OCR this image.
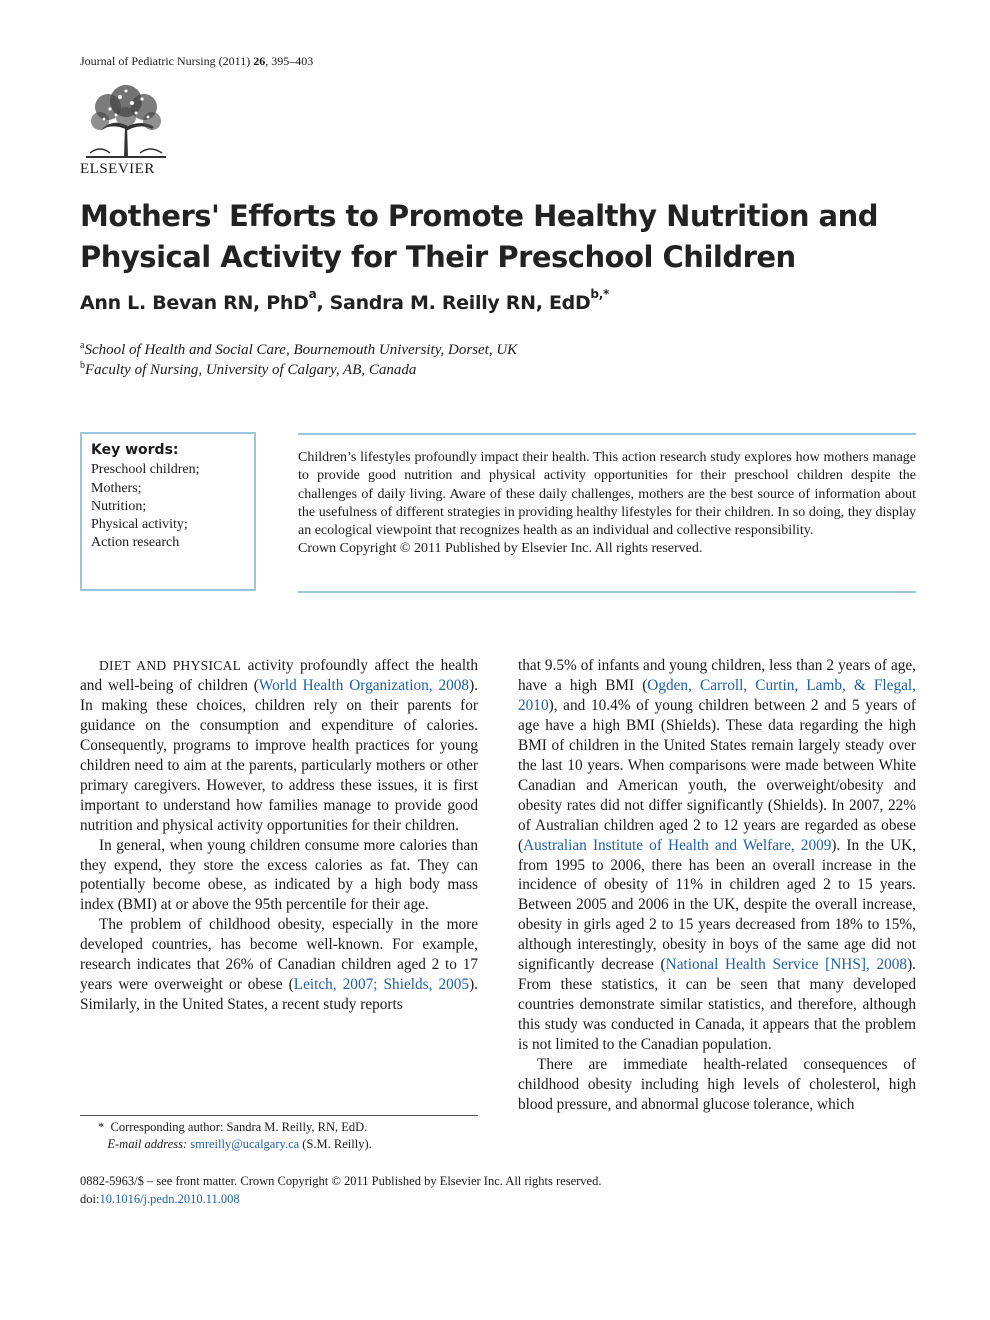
Journal of Pediatric Nursing (2011) 26, 395–403
ELSEVIER
Mothers' Efforts to Promote Healthy Nutrition and Physical Activity for Their Preschool Children
Ann L. Bevan RN, PhD$^a$, Sandra M. Reilly RN, EdD$^{b,*}$
$^a$School of Health and Social Care, Bournemouth University, Dorset, UK
$^b$Faculty of Nursing, University of Calgary, AB, Canada
Key words:
Preschool children;
Mothers;
Nutrition;
Physical activity;
Action research
Children’s lifestyles profoundly impact their health. This action research study explores how mothers manage to provide good nutrition and physical activity opportunities for their preschool children despite the challenges of daily living. Aware of these daily challenges, mothers are the best source of information about the usefulness of different strategies in providing healthy lifestyles for their children. In so doing, they display an ecological viewpoint that recognizes health as an individual and collective responsibility.
Crown Copyright © 2011 Published by Elsevier Inc. All rights reserved.

DIET AND PHYSICAL activity profoundly affect the health and well-being of children (World Health Organization, 2008). In making these choices, children rely on their parents for guidance on the consumption and expenditure of calories. Consequently, programs to improve health practices for young children need to aim at the parents, particularly mothers or other primary caregivers. However, to address these issues, it is first important to understand how families manage to provide good nutrition and physical activity opportunities for their children.

In general, when young children consume more calories than they expend, they store the excess calories as fat. They can potentially become obese, as indicated by a high body mass index (BMI) at or above the 95th percentile for their age.

The problem of childhood obesity, especially in the more developed countries, has become well-known. For example, research indicates that 26% of Canadian children aged 2 to 17 years were overweight or obese (Leitch, 2007; Shields, 2005). Similarly, in the United States, a recent study reports

that 9.5% of infants and young children, less than 2 years of age, have a high BMI (Ogden, Carroll, Curtin, Lamb, & Flegal, 2010), and 10.4% of young children between 2 and 5 years of age have a high BMI (Shields). These data regarding the high BMI of children in the United States remain largely steady over the last 10 years. When comparisons were made between White Canadian and American youth, the overweight/obesity and obesity rates did not differ significantly (Shields). In 2007, 22% of Australian children aged 2 to 12 years are regarded as obese (Australian Institute of Health and Welfare, 2009). In the UK, from 1995 to 2006, there has been an overall increase in the incidence of obesity of 11% in children aged 2 to 15 years. Between 2005 and 2006 in the UK, despite the overall increase, obesity in girls aged 2 to 15 years decreased from 18% to 15%, although interestingly, obesity in boys of the same age did not significantly decrease (National Health Service [NHS], 2008). From these statistics, it can be seen that many developed countries demonstrate similar statistics, and therefore, although this study was conducted in Canada, it appears that the problem is not limited to the Canadian population.

There are immediate health-related consequences of childhood obesity including high levels of cholesterol, high blood pressure, and abnormal glucose tolerance, which

* Corresponding author: Sandra M. Reilly, RN, EdD.
E-mail address: smreilly@ucalgary.ca (S.M. Reilly).
0882-5963/$ – see front matter. Crown Copyright © 2011 Published by Elsevier Inc. All rights reserved.
doi:10.1016/j.pedn.2010.11.008
